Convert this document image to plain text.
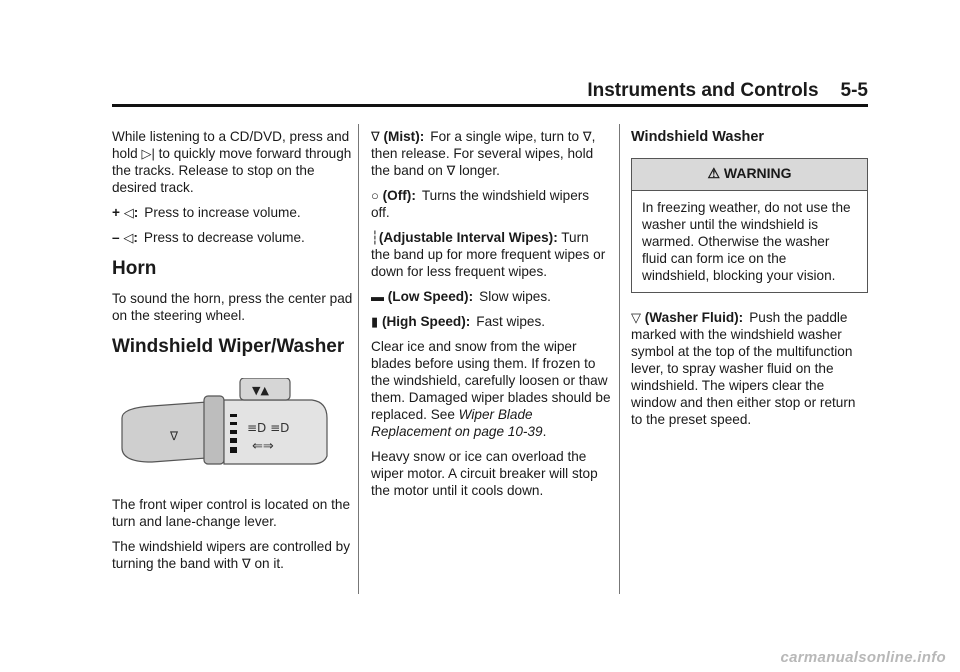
Instruments and Controls 5-5

While listening to a CD/DVD, press and hold ▷| to quickly move forward through the tracks. Release to stop on the desired track.

+ ◁: Press to increase volume.

– ◁: Press to decrease volume.

Horn

To sound the horn, press the center pad on the steering wheel.

Windshield Wiper/Washer
▼▲
≡D ≡D
⇐⇒
∇

The front wiper control is located on the turn and lane-change lever.

The windshield wipers are controlled by turning the band with ∇ on it.

∇ (Mist): For a single wipe, turn to ∇, then release. For several wipes, hold the band on ∇ longer.

○ (Off): Turns the windshield wipers off.

┆(Adjustable Interval Wipes): Turn the band up for more frequent wipes or down for less frequent wipes.

▬ (Low Speed): Slow wipes.

▮ (High Speed): Fast wipes.

Clear ice and snow from the wiper blades before using them. If frozen to the windshield, carefully loosen or thaw them. Damaged wiper blades should be replaced. See Wiper Blade Replacement on page 10-39.

Heavy snow or ice can overload the wiper motor. A circuit breaker will stop the motor until it cools down.

Windshield Washer
⚠ WARNING
In freezing weather, do not use the washer until the windshield is warmed. Otherwise the washer fluid can form ice on the windshield, blocking your vision.

▽ (Washer Fluid): Push the paddle marked with the windshield washer symbol at the top of the multifunction lever, to spray washer fluid on the windshield. The wipers clear the window and then either stop or return to the preset speed.

carmanualsonline.info
